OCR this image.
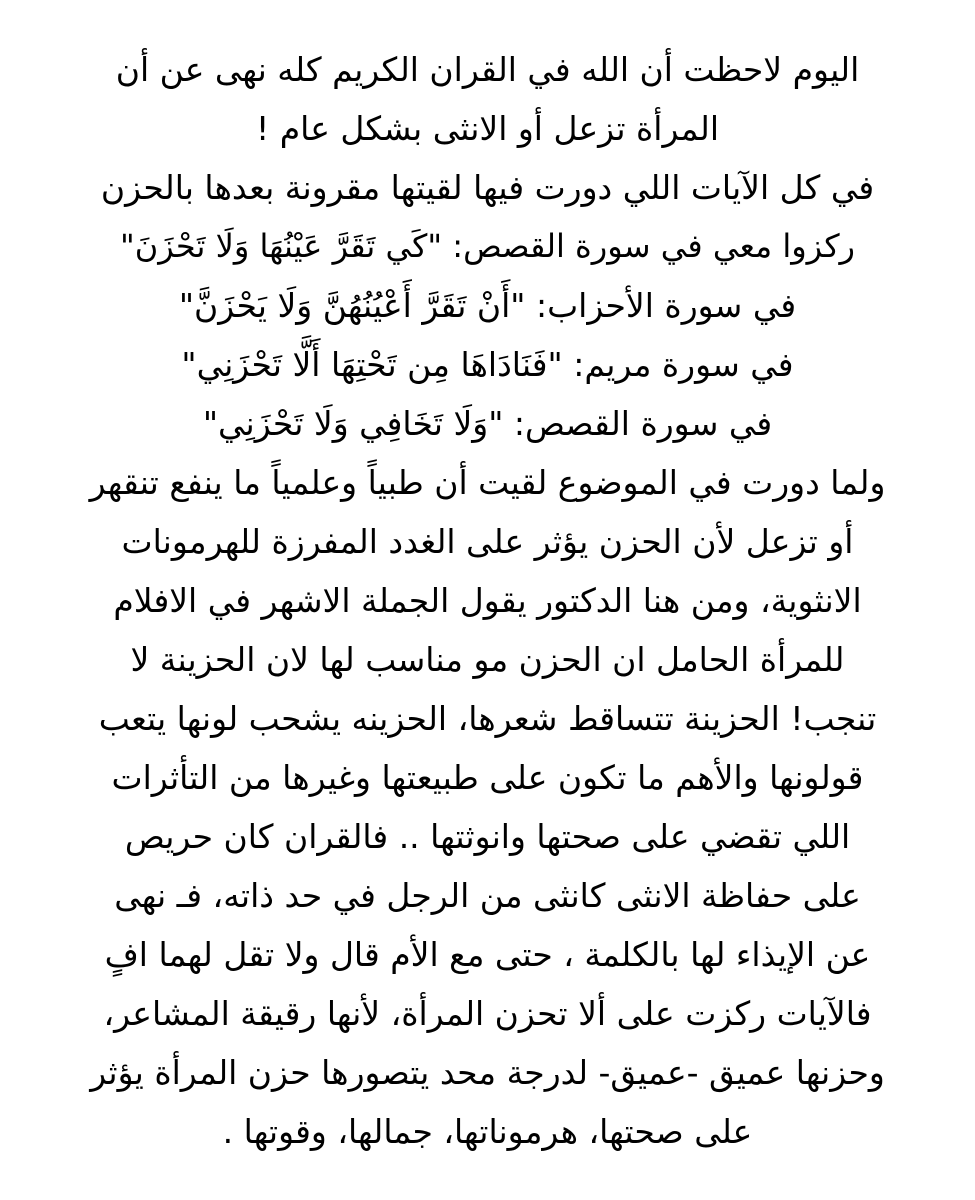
اليوم لاحظت أن الله في القران الكريم كله نهى عن أن
المرأة تزعل أو الانثى بشكل عام !
في كل الآيات اللي دورت فيها لقيتها مقرونة بعدها بالحزن
ركزوا معي في سورة القصص: "كَي تَقَرَّ عَيْنُهَا وَلَا تَحْزَنَ"
في سورة الأحزاب: "أَنْ تَقَرَّ أَعْيُنُهُنَّ وَلَا يَحْزَنَّ"
في سورة مريم: "فَنَادَاهَا مِن تَحْتِهَا أَلَّا تَحْزَنِي"
في سورة القصص: "وَلَا تَخَافِي وَلَا تَحْزَنِي"
ولما دورت في الموضوع لقيت أن طبياً وعلمياً ما ينفع تنقهر
أو تزعل لأن الحزن يؤثر على الغدد المفرزة للهرمونات
الانثوية، ومن هنا الدكتور يقول الجملة الاشهر في الافلام
للمرأة الحامل ان الحزن مو مناسب لها لان الحزينة لا
تنجب! الحزينة تتساقط شعرها، الحزينه يشحب لونها يتعب
قولونها والأهم ما تكون على طبيعتها وغيرها من التأثرات
اللي تقضي على صحتها وانوثتها .. فالقران كان حريص
على حفاظة الانثى كانثى من الرجل في حد ذاته، فـ نهى
عن الإيذاء لها بالكلمة ، حتى مع الأم قال ولا تقل لهما افٍ
فالآيات ركزت على ألا تحزن المرأة، لأنها رقيقة المشاعر،
وحزنها عميق -عميق- لدرجة محد يتصورها حزن المرأة يؤثر
على صحتها، هرموناتها، جمالها، وقوتها .
